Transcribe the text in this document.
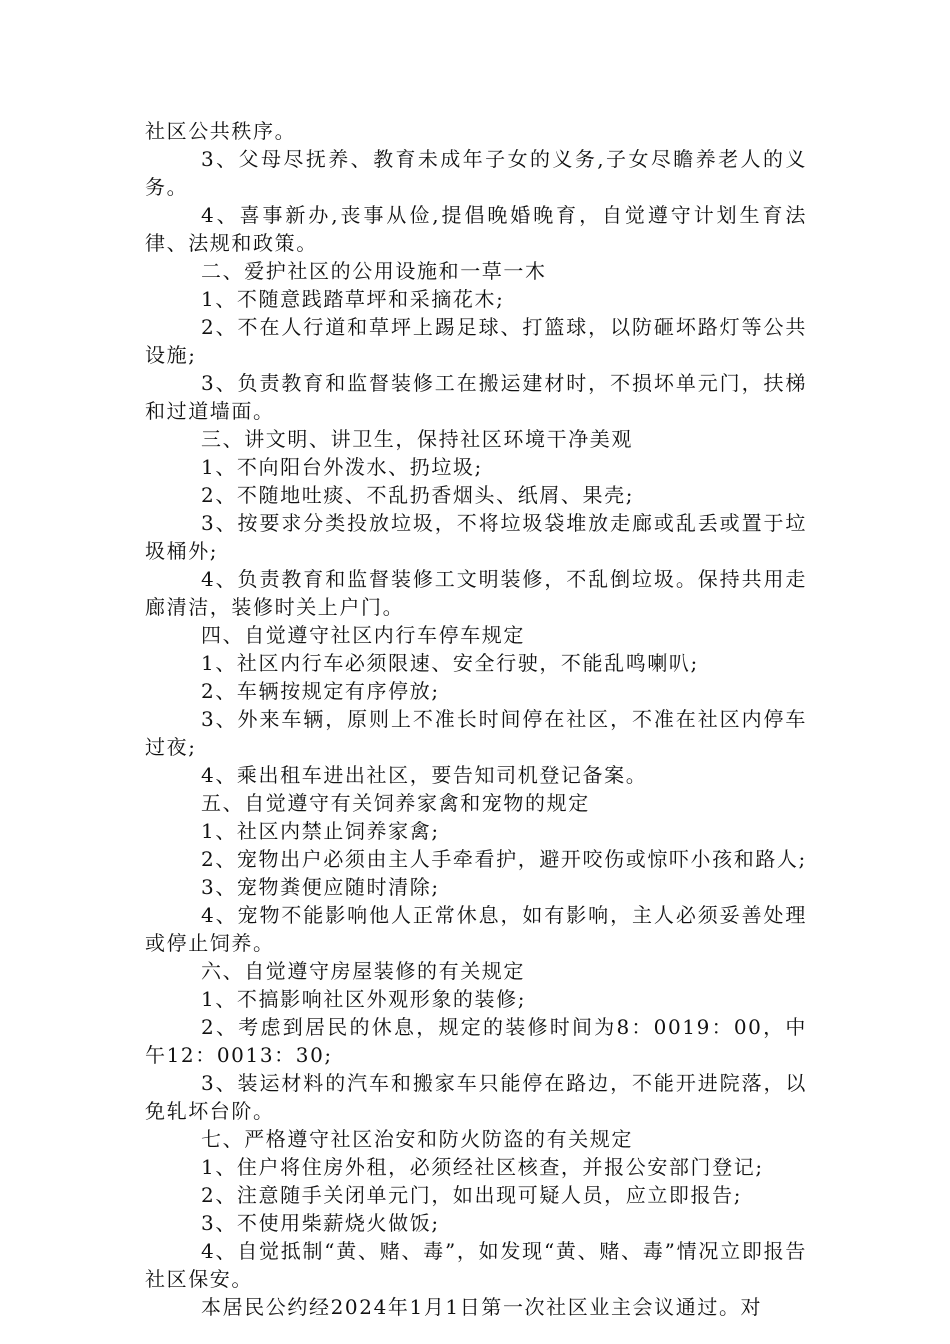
社区公共秩序。

3、父母尽抚养、教育未成年子女的义务,子女尽瞻养老人的义务。

4、喜事新办,丧事从俭,提倡晚婚晚育，自觉遵守计划生育法律、法规和政策。

二、爱护社区的公用设施和一草一木

1、不随意践踏草坪和采摘花木;

2、不在人行道和草坪上踢足球、打篮球，以防砸坏路灯等公共设施;

3、负责教育和监督装修工在搬运建材时，不损坏单元门，扶梯和过道墙面。

三、讲文明、讲卫生，保持社区环境干净美观

1、不向阳台外泼水、扔垃圾;

2、不随地吐痰、不乱扔香烟头、纸屑、果壳;

3、按要求分类投放垃圾，不将垃圾袋堆放走廊或乱丢或置于垃圾桶外;

4、负责教育和监督装修工文明装修，不乱倒垃圾。保持共用走廊清洁，装修时关上户门。

四、自觉遵守社区内行车停车规定

1、社区内行车必须限速、安全行驶，不能乱鸣喇叭;

2、车辆按规定有序停放;

3、外来车辆，原则上不准长时间停在社区，不准在社区内停车过夜;

4、乘出租车进出社区，要告知司机登记备案。

五、自觉遵守有关饲养家禽和宠物的规定

1、社区内禁止饲养家禽;

2、宠物出户必须由主人手牵看护，避开咬伤或惊吓小孩和路人;

3、宠物粪便应随时清除;

4、宠物不能影响他人正常休息，如有影响，主人必须妥善处理或停止饲养。

六、自觉遵守房屋装修的有关规定

1、不搞影响社区外观形象的装修;

2、考虑到居民的休息，规定的装修时间为8：0019：00，中午12：0013：30;

3、装运材料的汽车和搬家车只能停在路边，不能开进院落，以免轧坏台阶。

七、严格遵守社区治安和防火防盗的有关规定

1、住户将住房外租，必须经社区核查，并报公安部门登记;

2、注意随手关闭单元门，如出现可疑人员，应立即报告;

3、不使用柴薪烧火做饭;

4、自觉抵制“黄、赌、毒”，如发现“黄、赌、毒”情况立即报告社区保安。

本居民公约经2024年1月1日第一次社区业主会议通过。对
